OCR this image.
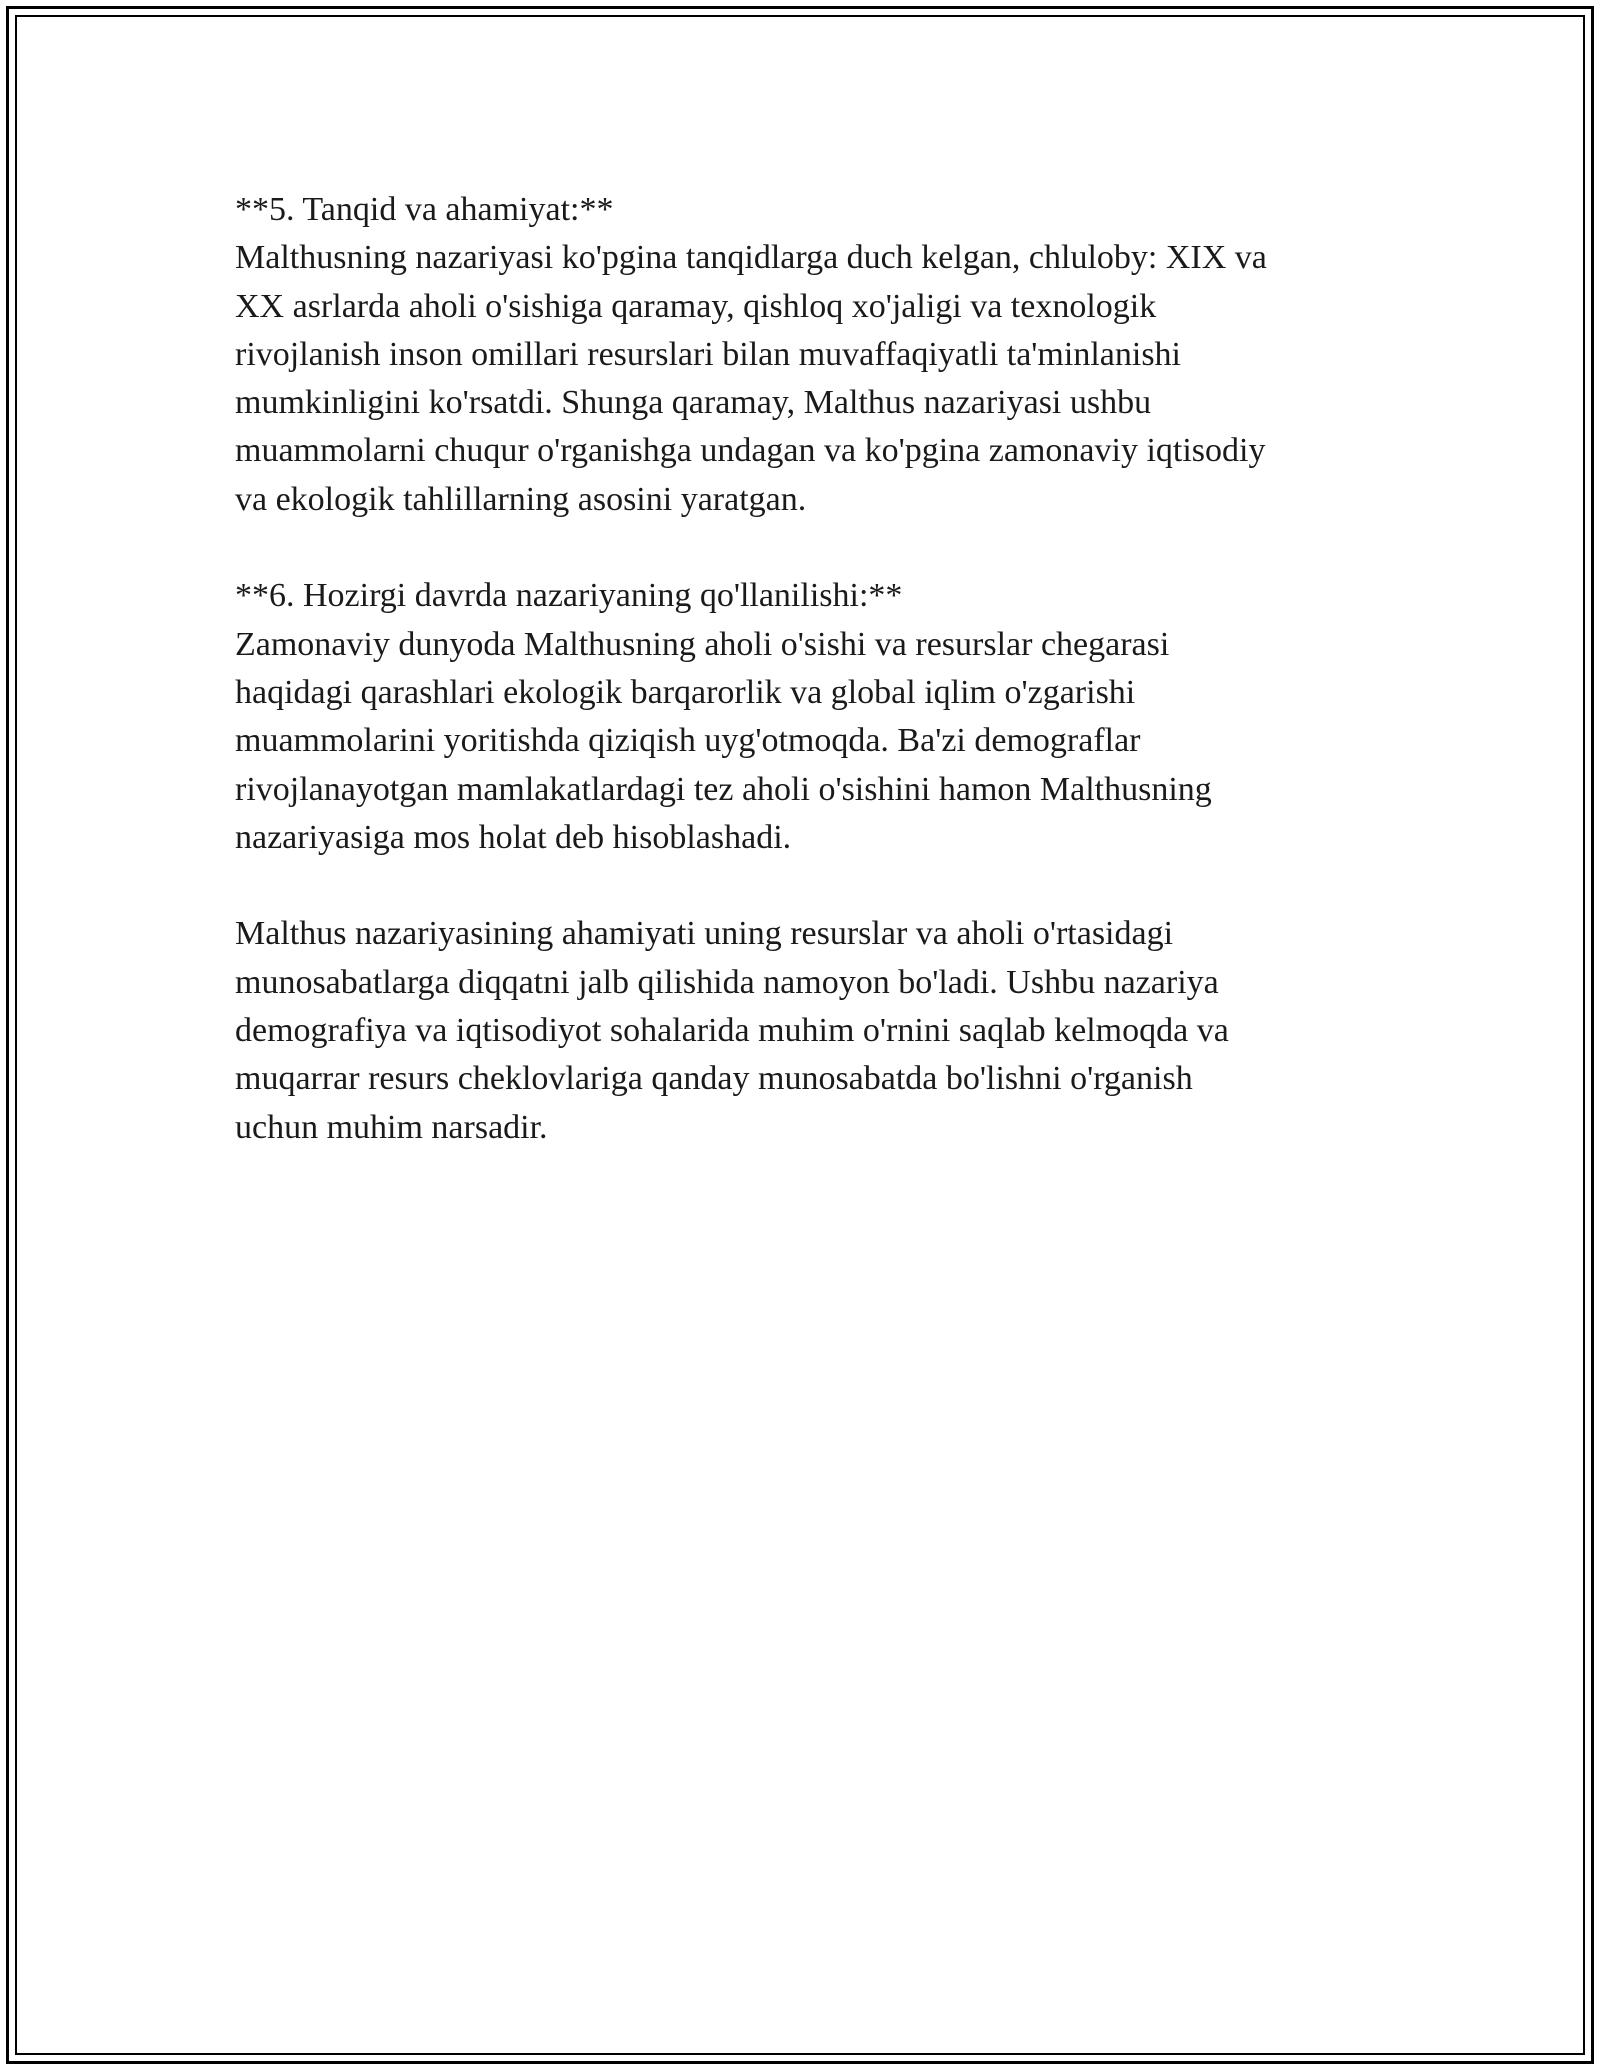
**5. Tanqid va ahamiyat:**
Malthusning nazariyasi ko'pgina tanqidlarga duch kelgan, chluloby: XIX va
XX asrlarda aholi o'sishiga qaramay, qishloq xo'jaligi va texnologik
rivojlanish inson omillari resurslari bilan muvaffaqiyatli ta'minlanishi
mumkinligini ko'rsatdi. Shunga qaramay, Malthus nazariyasi ushbu
muammolarni chuqur o'rganishga undagan va ko'pgina zamonaviy iqtisodiy
va ekologik tahlillarning asosini yaratgan.

**6. Hozirgi davrda nazariyaning qo'llanilishi:**
Zamonaviy dunyoda Malthusning aholi o'sishi va resurslar chegarasi
haqidagi qarashlari ekologik barqarorlik va global iqlim o'zgarishi
muammolarini yoritishda qiziqish uyg'otmoqda. Ba'zi demograflar
rivojlanayotgan mamlakatlardagi tez aholi o'sishini hamon Malthusning
nazariyasiga mos holat deb hisoblashadi.

Malthus nazariyasining ahamiyati uning resurslar va aholi o'rtasidagi
munosabatlarga diqqatni jalb qilishida namoyon bo'ladi. Ushbu nazariya
demografiya va iqtisodiyot sohalarida muhim o'rnini saqlab kelmoqda va
muqarrar resurs cheklovlariga qanday munosabatda bo'lishni o'rganish
uchun muhim narsadir.
